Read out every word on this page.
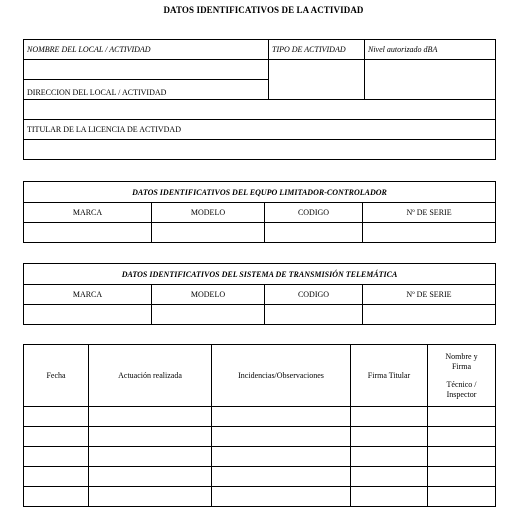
DATOS IDENTIFICATIVOS DE LA ACTIVIDAD
NOMBRE DEL LOCAL / ACTIVIDAD	TIPO DE ACTIVIDAD	Nivel autorizado dBA

DIRECCION DEL LOCAL / ACTIVIDAD		

TITULAR DE LA LICENCIA DE ACTIVDAD		

DATOS IDENTIFICATIVOS DEL EQUPO LIMITADOR-CONTROLADOR			
MARCA	MODELO	CODIGO	Nº DE SERIE

DATOS IDENTIFICATIVOS DEL SISTEMA DE TRANSMISIÓN TELEMÁTICA			
MARCA	MODELO	CODIGO	Nº DE SERIE

Fecha	Actuación realizada	Incidencias/Observaciones	Firma Titular	Nombre y
Firma
Técnico /
Inspector
